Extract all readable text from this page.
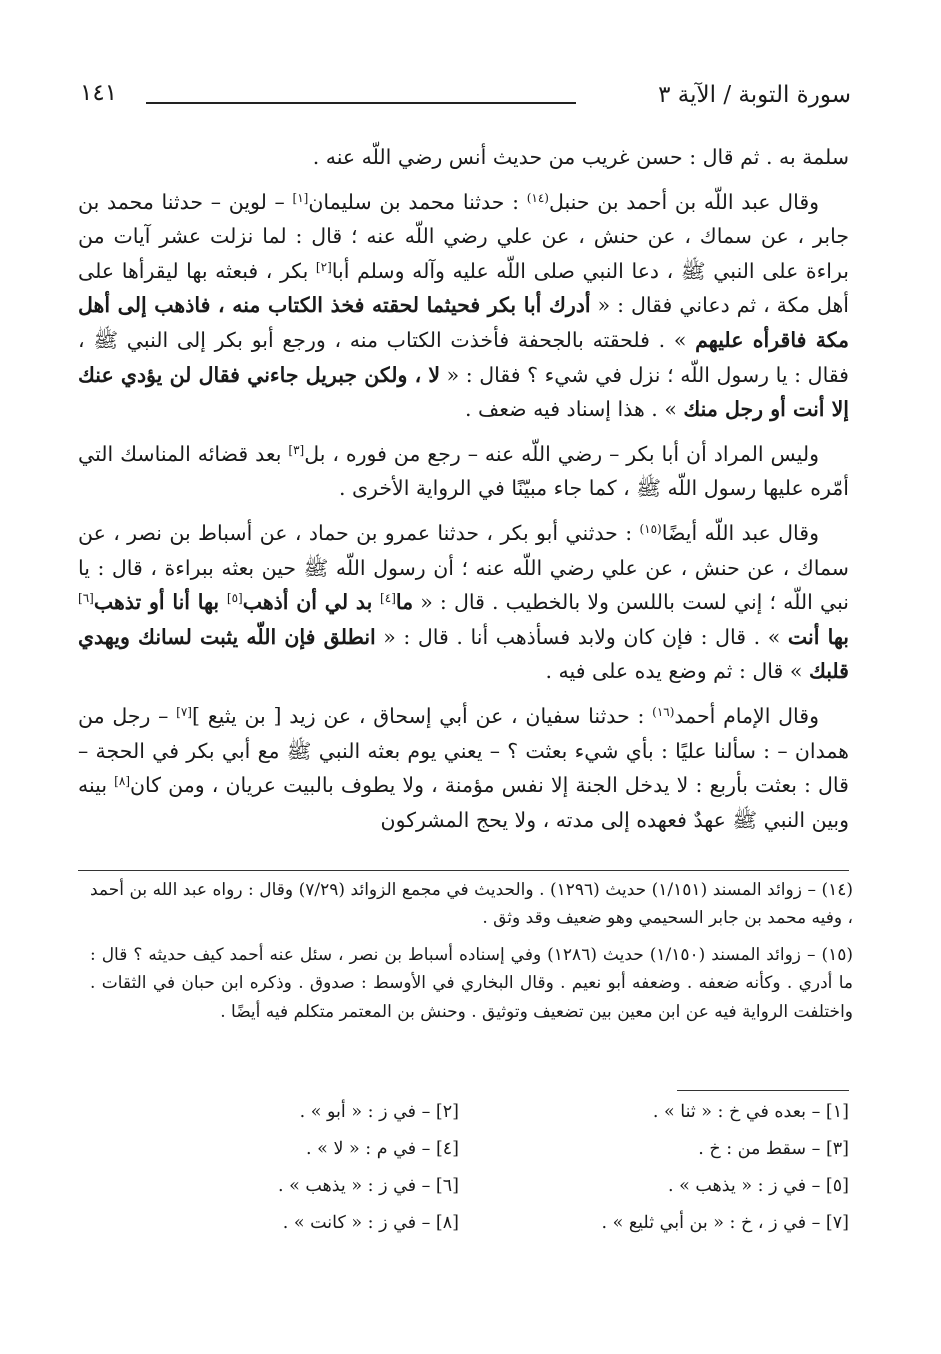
سورة التوبة / الآية ٣
١٤١

سلمة به . ثم قال : حسن غريب من حديث أنس رضي اللّه عنه .

وقال عبد اللّه بن أحمد بن حنبل$^{(١٤)}$ : حدثنا محمد بن سليمان[١] – لوين – حدثنا محمد بن جابر ، عن سماك ، عن حنش ، عن علي رضي اللّه عنه ؛ قال : لما نزلت عشر آيات من براءة على النبي ﷺ ، دعا النبي صلى اللّه عليه وآله وسلم أبا[٢] بكر ، فبعثه بها ليقرأها على أهل مكة ، ثم دعاني فقال : « أدرك أبا بكر فحيثما لحقته فخذ الكتاب منه ، فاذهب إلى أهل مكة فاقرأه عليهم » . فلحقته بالجحفة فأخذت الكتاب منه ، ورجع أبو بكر إلى النبي ﷺ ، فقال : يا رسول اللّه ؛ نزل في شيء ؟ فقال : « لا ، ولكن جبريل جاءني فقال لن يؤدي عنك إلا أنت أو رجل منك » . هذا إسناد فيه ضعف .

وليس المراد أن أبا بكر – رضي اللّه عنه – رجع من فوره ، بل[٣] بعد قضائه المناسك التي أمّره عليها رسول اللّه ﷺ ، كما جاء مبيّنًا في الرواية الأخرى .

وقال عبد اللّه أيضًا$^{(١٥)}$ : حدثني أبو بكر ، حدثنا عمرو بن حماد ، عن أسباط بن نصر ، عن سماك ، عن حنش ، عن علي رضي اللّه عنه ؛ أن رسول اللّه ﷺ حين بعثه ببراءة ، قال : يا نبي اللّه ؛ إني لست باللسن ولا بالخطيب . قال : « ما[٤] بد لي أن أذهب[٥] بها أنا أو تذهب[٦] بها أنت » . قال : فإن كان ولابد فسأذهب أنا . قال : « انطلق فإن اللّه يثبت لسانك ويهدي قلبك » قال : ثم وضع يده على فيه .

وقال الإمام أحمد$^{(١٦)}$ : حدثنا سفيان ، عن أبي إسحاق ، عن زيد [ بن يثيع ][٧] – رجل من همدان – : سألنا عليًا : بأي شيء بعثت ؟ – يعني يوم بعثه النبي ﷺ مع أبي بكر في الحجة – قال : بعثت بأربع : لا يدخل الجنة إلا نفس مؤمنة ، ولا يطوف بالبيت عريان ، ومن كان[٨] بينه وبين النبي ﷺ عهدٌ فعهده إلى مدته ، ولا يحج المشركون

(١٤) – زوائد المسند (١/١٥١) حديث (١٢٩٦) . والحديث في مجمع الزوائد (٧/٢٩) وقال : رواه عبد الله بن أحمد ، وفيه محمد بن جابر السحيمي وهو ضعيف وقد وثق .

(١٥) – زوائد المسند (١/١٥٠) حديث (١٢٨٦) وفي إسناده أسباط بن نصر ، سئل عنه أحمد كيف حديثه ؟ قال : ما أدري . وكأنه ضعفه . وضعفه أبو نعيم . وقال البخاري في الأوسط : صدوق . وذكره ابن حبان في الثقات . واختلفت الرواية فيه عن ابن معين بين تضعيف وتوثيق . وحنش بن المعتمر متكلم فيه أيضًا .

[١] – بعده في خ : « ثنا » .
[٢] – في ز : « أبو » .
[٣] – سقط من : خ .
[٤] – في م : « لا » .
[٥] – في ز : « يذهب » .
[٦] – في ز : « يذهب » .
[٧] – في ز ، خ : « بن أبي ثليع » .
[٨] – في ز : « كانت » .
